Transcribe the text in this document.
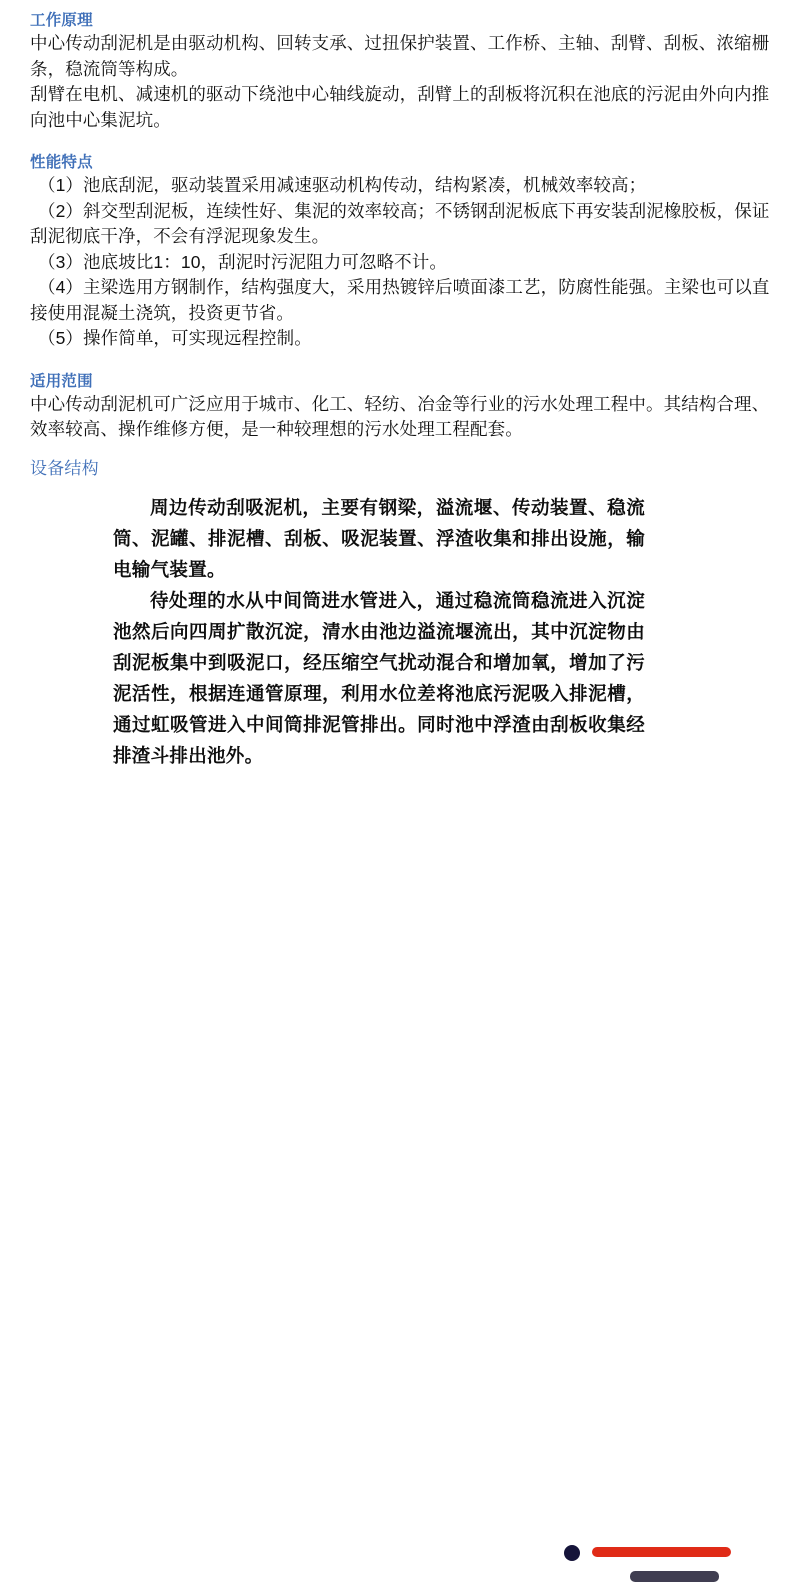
工作原理

中心传动刮泥机是由驱动机构、回转支承、过扭保护装置、工作桥、主轴、刮臂、刮板、浓缩栅条，稳流筒等构成。

刮臂在电机、减速机的驱动下绕池中心轴线旋动，刮臂上的刮板将沉积在池底的污泥由外向内推向池中心集泥坑。

性能特点

（1）池底刮泥，驱动装置采用减速驱动机构传动，结构紧凑，机械效率较高；

（2）斜交型刮泥板，连续性好、集泥的效率较高；不锈钢刮泥板底下再安装刮泥橡胶板，保证刮泥彻底干净，不会有浮泥现象发生。

（3）池底坡比1：10，刮泥时污泥阻力可忽略不计。

（4）主梁选用方钢制作，结构强度大，采用热镀锌后喷面漆工艺，防腐性能强。主梁也可以直接使用混凝土浇筑，投资更节省。

（5）操作简单，可实现远程控制。

适用范围

中心传动刮泥机可广泛应用于城市、化工、轻纺、冶金等行业的污水处理工程中。其结构合理、效率较高、操作维修方便，是一种较理想的污水处理工程配套。

设备结构

周边传动刮吸泥机，主要有钢梁，溢流堰、传动装置、稳流筒、泥罐、排泥槽、刮板、吸泥装置、浮渣收集和排出设施，输电输气装置。

待处理的水从中间筒进水管进入，通过稳流筒稳流进入沉淀池然后向四周扩散沉淀，清水由池边溢流堰流出，其中沉淀物由刮泥板集中到吸泥口，经压缩空气扰动混合和增加氧，增加了污泥活性，根据连通管原理，利用水位差将池底污泥吸入排泥槽，通过虹吸管进入中间筒排泥管排出。同时池中浮渣由刮板收集经排渣斗排出池外。
